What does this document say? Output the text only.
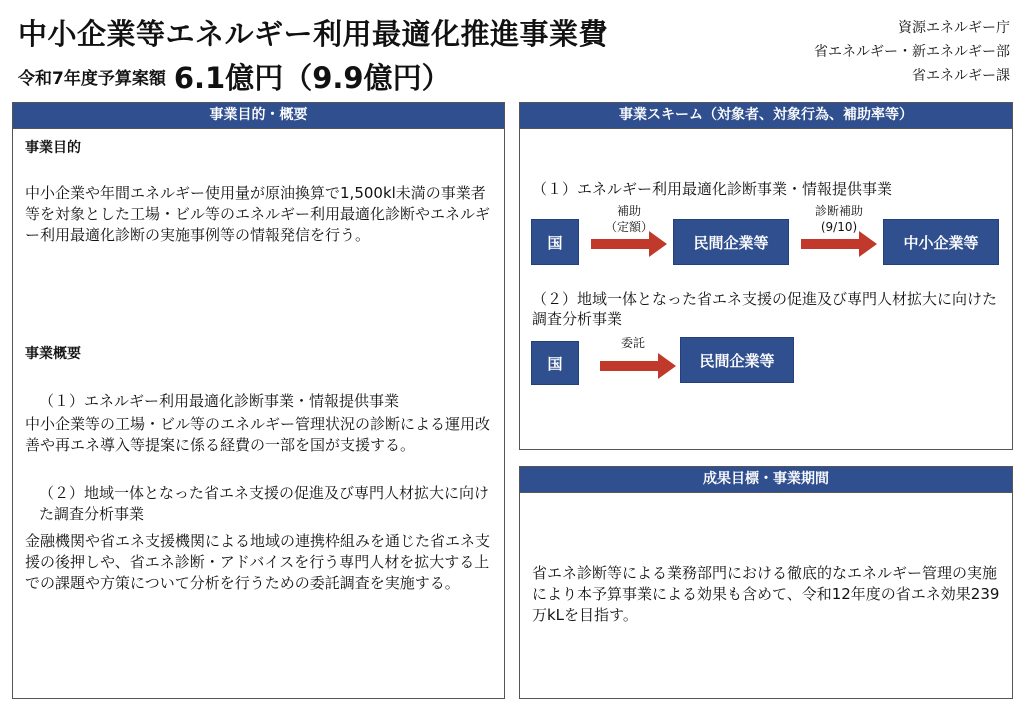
中小企業等エネルギー利用最適化推進事業費
令和7年度予算案額 6.1億円（9.9億円）
資源エネルギー庁
省エネルギー・新エネルギー部
省エネルギー課
事業目的・概要
事業目的
中小企業や年間エネルギー使用量が原油換算で1,500kl未満の事業者等を対象とした工場・ビル等のエネルギー利用最適化診断やエネルギー利用最適化診断の実施事例等の情報発信を行う。
事業概要
（１）エネルギー利用最適化診断事業・情報提供事業
中小企業等の工場・ビル等のエネルギー管理状況の診断による運用改善や再エネ導入等提案に係る経費の一部を国が支援する。
（２）地域一体となった省エネ支援の促進及び専門人材拡大に向けた調査分析事業
金融機関や省エネ支援機関による地域の連携枠組みを通じた省エネ支援の後押しや、省エネ診断・アドバイスを行う専門人材を拡大する上での課題や方策について分析を行うための委託調査を実施する。
事業スキーム（対象者、対象行為、補助率等）
（１）エネルギー利用最適化診断事業・情報提供事業
国
補助
（定額）
民間企業等
診断補助
(9/10)
中小企業等
（２）地域一体となった省エネ支援の促進及び専門人材拡大に向けた調査分析事業
国
委託
民間企業等
成果目標・事業期間
省エネ診断等による業務部門における徹底的なエネルギー管理の実施により本予算事業による効果も含めて、令和12年度の省エネ効果239万kLを目指す。
